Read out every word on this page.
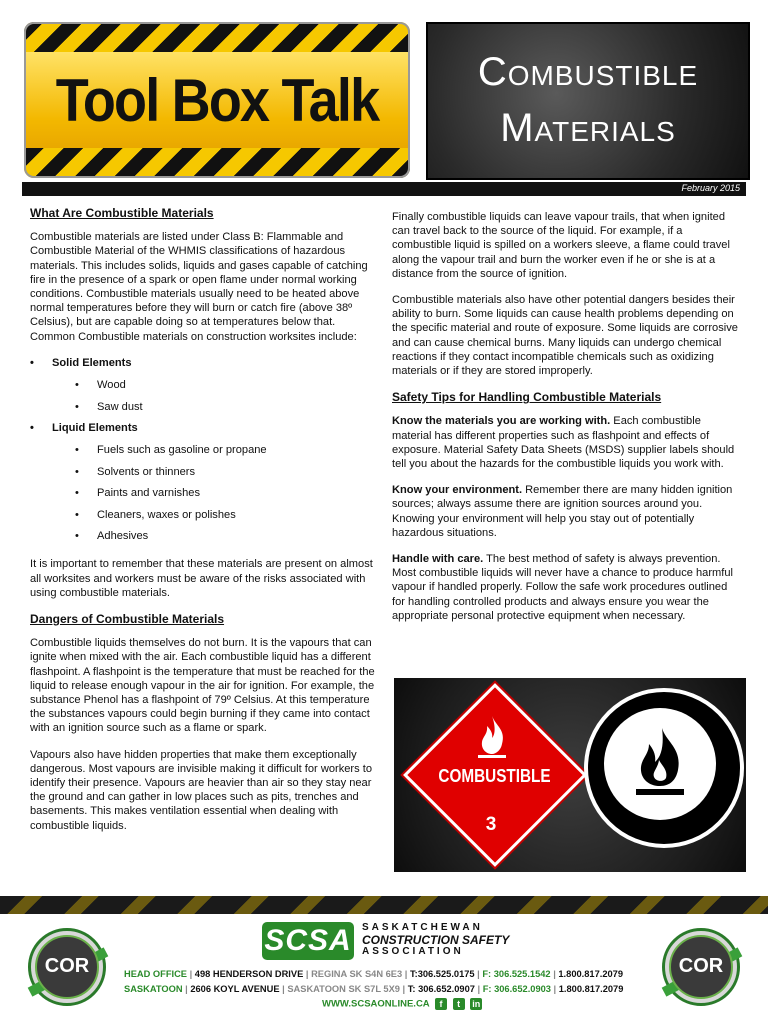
Tool Box Talk	Combustible
Materials
February 2015
What Are Combustible Materials

Combustible materials are listed under Class B: Flammable and Combustible Material of the WHMIS classifications of hazardous materials. This includes solids, liquids and gases capable of catching fire in the presence of a spark or open flame under normal working conditions. Combustible materials usually need to be heated above normal temperatures before they will burn or catch fire (above 38º Celsius), but are capable doing so at temperatures below that. Common Combustible materials on construction worksites include:

• Solid Elements
• Wood
• Saw dust
• Liquid Elements
• Fuels such as gasoline or propane
• Solvents or thinners
• Paints and varnishes
• Cleaners, waxes or polishes
• Adhesives

It is important to remember that these materials are present on almost all worksites and workers must be aware of the risks associated with using combustible materials.

Dangers of Combustible Materials

Combustible liquids themselves do not burn. It is the vapours that can ignite when mixed with the air. Each combustible liquid has a different flashpoint. A flashpoint is the temperature that must be reached for the liquid to release enough vapour in the air for ignition. For example, the substance Phenol has a flashpoint of 79º Celsius. At this temperature the substances vapours could begin burning if they came into contact with an ignition source such as a flame or spark.

Vapours also have hidden properties that make them exceptionally dangerous. Most vapours are invisible making it difficult for workers to identify their presence. Vapours are heavier than air so they stay near the ground and can gather in low places such as pits, trenches and basements. This makes ventilation essential when dealing with combustible liquids.

Finally combustible liquids can leave vapour trails, that when ignited can travel back to the source of the liquid. For example, if a combustible liquid is spilled on a workers sleeve, a flame could travel along the vapour trail and burn the worker even if he or she is at a distance from the source of ignition.

Combustible materials also have other potential dangers besides their ability to burn. Some liquids can cause health problems depending on the specific material and route of exposure. Some liquids are corrosive and can cause chemical burns. Many liquids can undergo chemical reactions if they contact incompatible chemicals such as oxidizing materials or if they are stored improperly.

Safety Tips for Handling Combustible Materials

Know the materials you are working with. Each combustible material has different properties such as flashpoint and effects of exposure. Material Safety Data Sheets (MSDS) supplier labels should tell you about the hazards for the combustible liquids you work with.

Know your environment. Remember there are many hidden ignition sources; always assume there are ignition sources around you. Knowing your environment will help you stay out of potentially hazardous situations.

Handle with care. The best method of safety is always prevention. Most combustible liquids will never have a chance to produce harmful vapour if handled properly. Follow the safe work procedures outlined for handling controlled products and always ensure you wear the appropriate personal protective equipment when necessary.

COMBUSTIBLE
3
COR
SCSA SASKATCHEWAN
CONSTRUCTION SAFETY
ASSOCIATION
HEAD OFFICE | 498 HENDERSON DRIVE | REGINA SK S4N 6E3 | T:306.525.0175 | F: 306.525.1542 | 1.800.817.2079
SASKATOON | 2606 KOYL AVENUE | SASKATOON SK S7L 5X9 | T: 306.652.0907 | F: 306.652.0903 | 1.800.817.2079
WWW.SCSAONLINE.CA f t in
COR
